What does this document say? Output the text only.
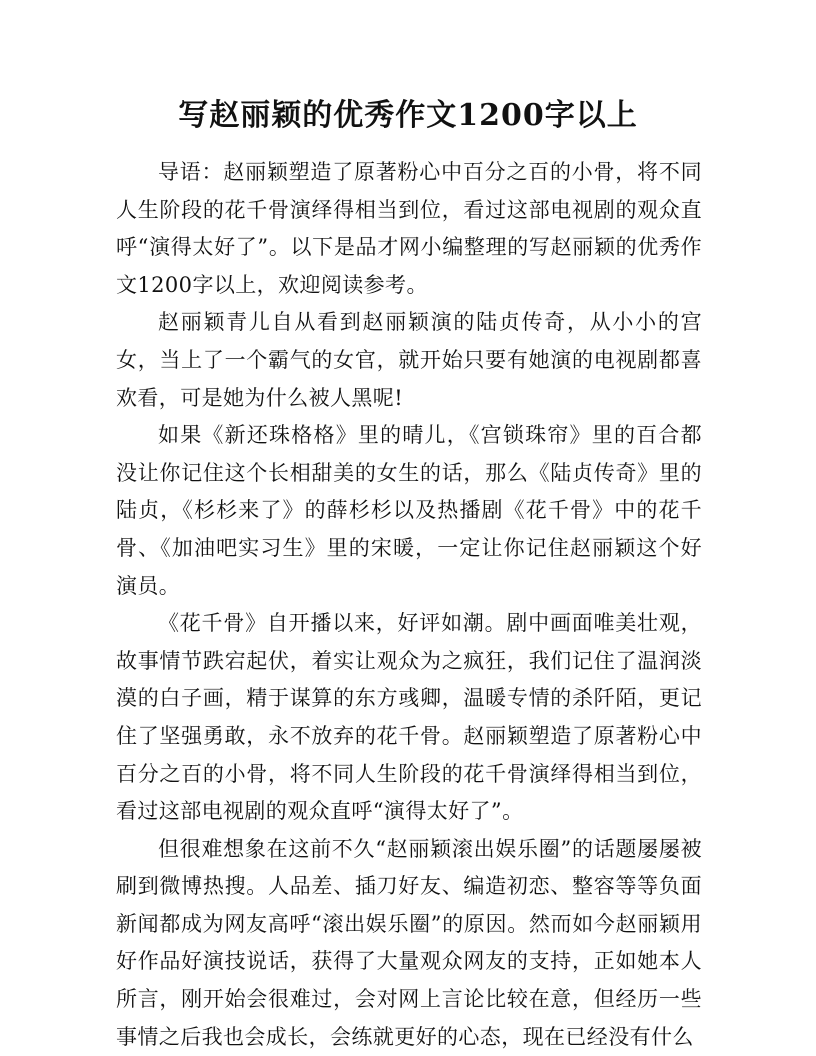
写赵丽颖的优秀作文1200字以上

导语：赵丽颖塑造了原著粉心中百分之百的小骨，将不同人生阶段的花千骨演绎得相当到位，看过这部电视剧的观众直呼“演得太好了”。以下是品才网小编整理的写赵丽颖的优秀作文1200字以上，欢迎阅读参考。

赵丽颖青儿自从看到赵丽颖演的陆贞传奇，从小小的宫女，当上了一个霸气的女官，就开始只要有她演的电视剧都喜欢看，可是她为什么被人黑呢!

如果《新还珠格格》里的晴儿，《宫锁珠帘》里的百合都没让你记住这个长相甜美的女生的话，那么《陆贞传奇》里的陆贞，《杉杉来了》的薛杉杉以及热播剧《花千骨》中的花千骨、《加油吧实习生》里的宋暖，一定让你记住赵丽颖这个好演员。

《花千骨》自开播以来，好评如潮。剧中画面唯美壮观，故事情节跌宕起伏，着实让观众为之疯狂，我们记住了温润淡漠的白子画，精于谋算的东方彧卿，温暖专情的杀阡陌，更记住了坚强勇敢，永不放弃的花千骨。赵丽颖塑造了原著粉心中百分之百的小骨，将不同人生阶段的花千骨演绎得相当到位，看过这部电视剧的观众直呼“演得太好了”。

但很难想象在这前不久“赵丽颖滚出娱乐圈”的话题屡屡被刷到微博热搜。人品差、插刀好友、编造初恋、整容等等负面新闻都成为网友高呼“滚出娱乐圈”的原因。然而如今赵丽颖用好作品好演技说话，获得了大量观众网友的支持，正如她本人所言，刚开始会很难过，会对网上言论比较在意，但经历一些事情之后我也会成长，会练就更好的心态，现在已经没有什么
